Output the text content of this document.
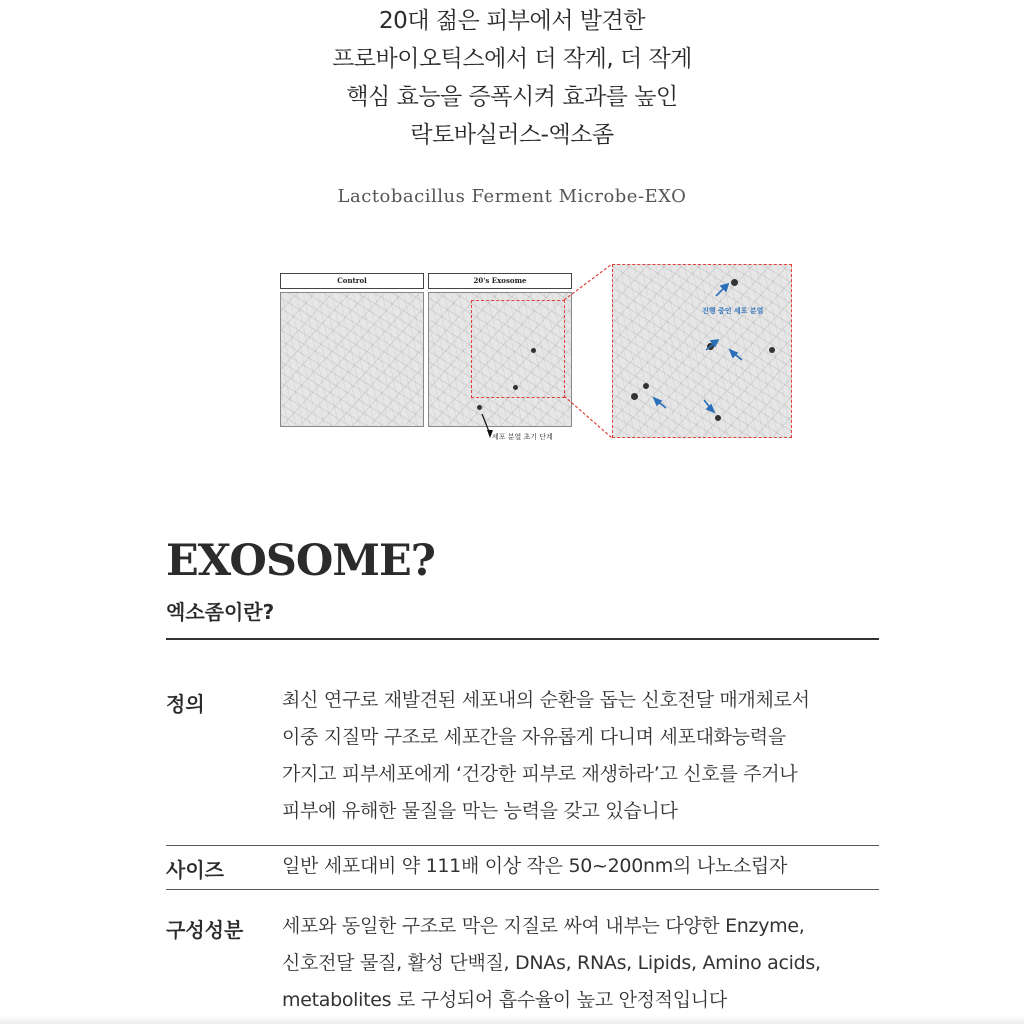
20대 젊은 피부에서 발견한
프로바이오틱스에서 더 작게, 더 작게
핵심 효능을 증폭시켜 효과를 높인
락토바실러스-엑소좀
Lactobacillus Ferment Microbe-EXO
Control	20's Exosome
세포 분열 초기 단계
진행 중인 세포 분열
EXOSOME?
엑소좀이란?
정의	최신 연구로 재발견된 세포내의 순환을 돕는 신호전달 매개체로서
이중 지질막 구조로 세포간을 자유롭게 다니며 세포대화능력을
가지고 피부세포에게 ‘건강한 피부로 재생하라’고 신호를 주거나
피부에 유해한 물질을 막는 능력을 갖고 있습니다
사이즈	일반 세포대비 약 111배 이상 작은 50~200nm의 나노소립자
구성성분 세포와 동일한 구조로 막은 지질로 싸여 내부는 다양한 Enzyme,
신호전달 물질, 활성 단백질, DNAs, RNAs, Lipids, Amino acids,
metabolites 로 구성되어 흡수율이 높고 안정적입니다
